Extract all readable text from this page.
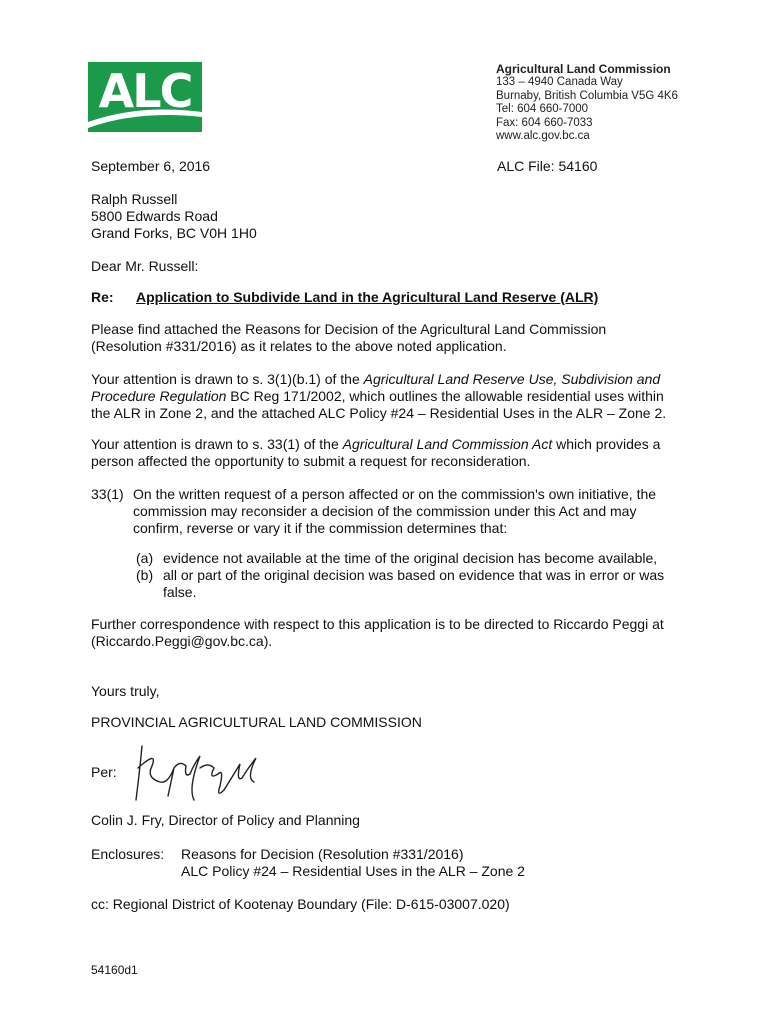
ALC	Agricultural Land Commission
133 – 4940 Canada Way
Burnaby, British Columbia V5G 4K6
Tel: 604 660-7000
Fax: 604 660-7033
www.alc.gov.bc.ca
September 6, 2016	ALC File: 54160
Ralph Russell
5800 Edwards Road
Grand Forks, BC V0H 1H0
Dear Mr. Russell:
Re: Application to Subdivide Land in the Agricultural Land Reserve (ALR)
Please find attached the Reasons for Decision of the Agricultural Land Commission (Resolution #331/2016) as it relates to the above noted application.
Your attention is drawn to s. 3(1)(b.1) of the Agricultural Land Reserve Use, Subdivision and Procedure Regulation BC Reg 171/2002, which outlines the allowable residential uses within the ALR in Zone 2, and the attached ALC Policy #24 – Residential Uses in the ALR – Zone 2.
Your attention is drawn to s. 33(1) of the Agricultural Land Commission Act which provides a person affected the opportunity to submit a request for reconsideration.
33(1) On the written request of a person affected or on the commission's own initiative, the commission may reconsider a decision of the commission under this Act and may confirm, reverse or vary it if the commission determines that:
(a) evidence not available at the time of the original decision has become available,
(b) all or part of the original decision was based on evidence that was in error or was false.
Further correspondence with respect to this application is to be directed to Riccardo Peggi at (Riccardo.Peggi@gov.bc.ca).
Yours truly,
PROVINCIAL AGRICULTURAL LAND COMMISSION
Per:
Colin J. Fry, Director of Policy and Planning
Enclosures: Reasons for Decision (Resolution #331/2016)
ALC Policy #24 – Residential Uses in the ALR – Zone 2
cc: Regional District of Kootenay Boundary (File: D-615-03007.020)
54160d1
